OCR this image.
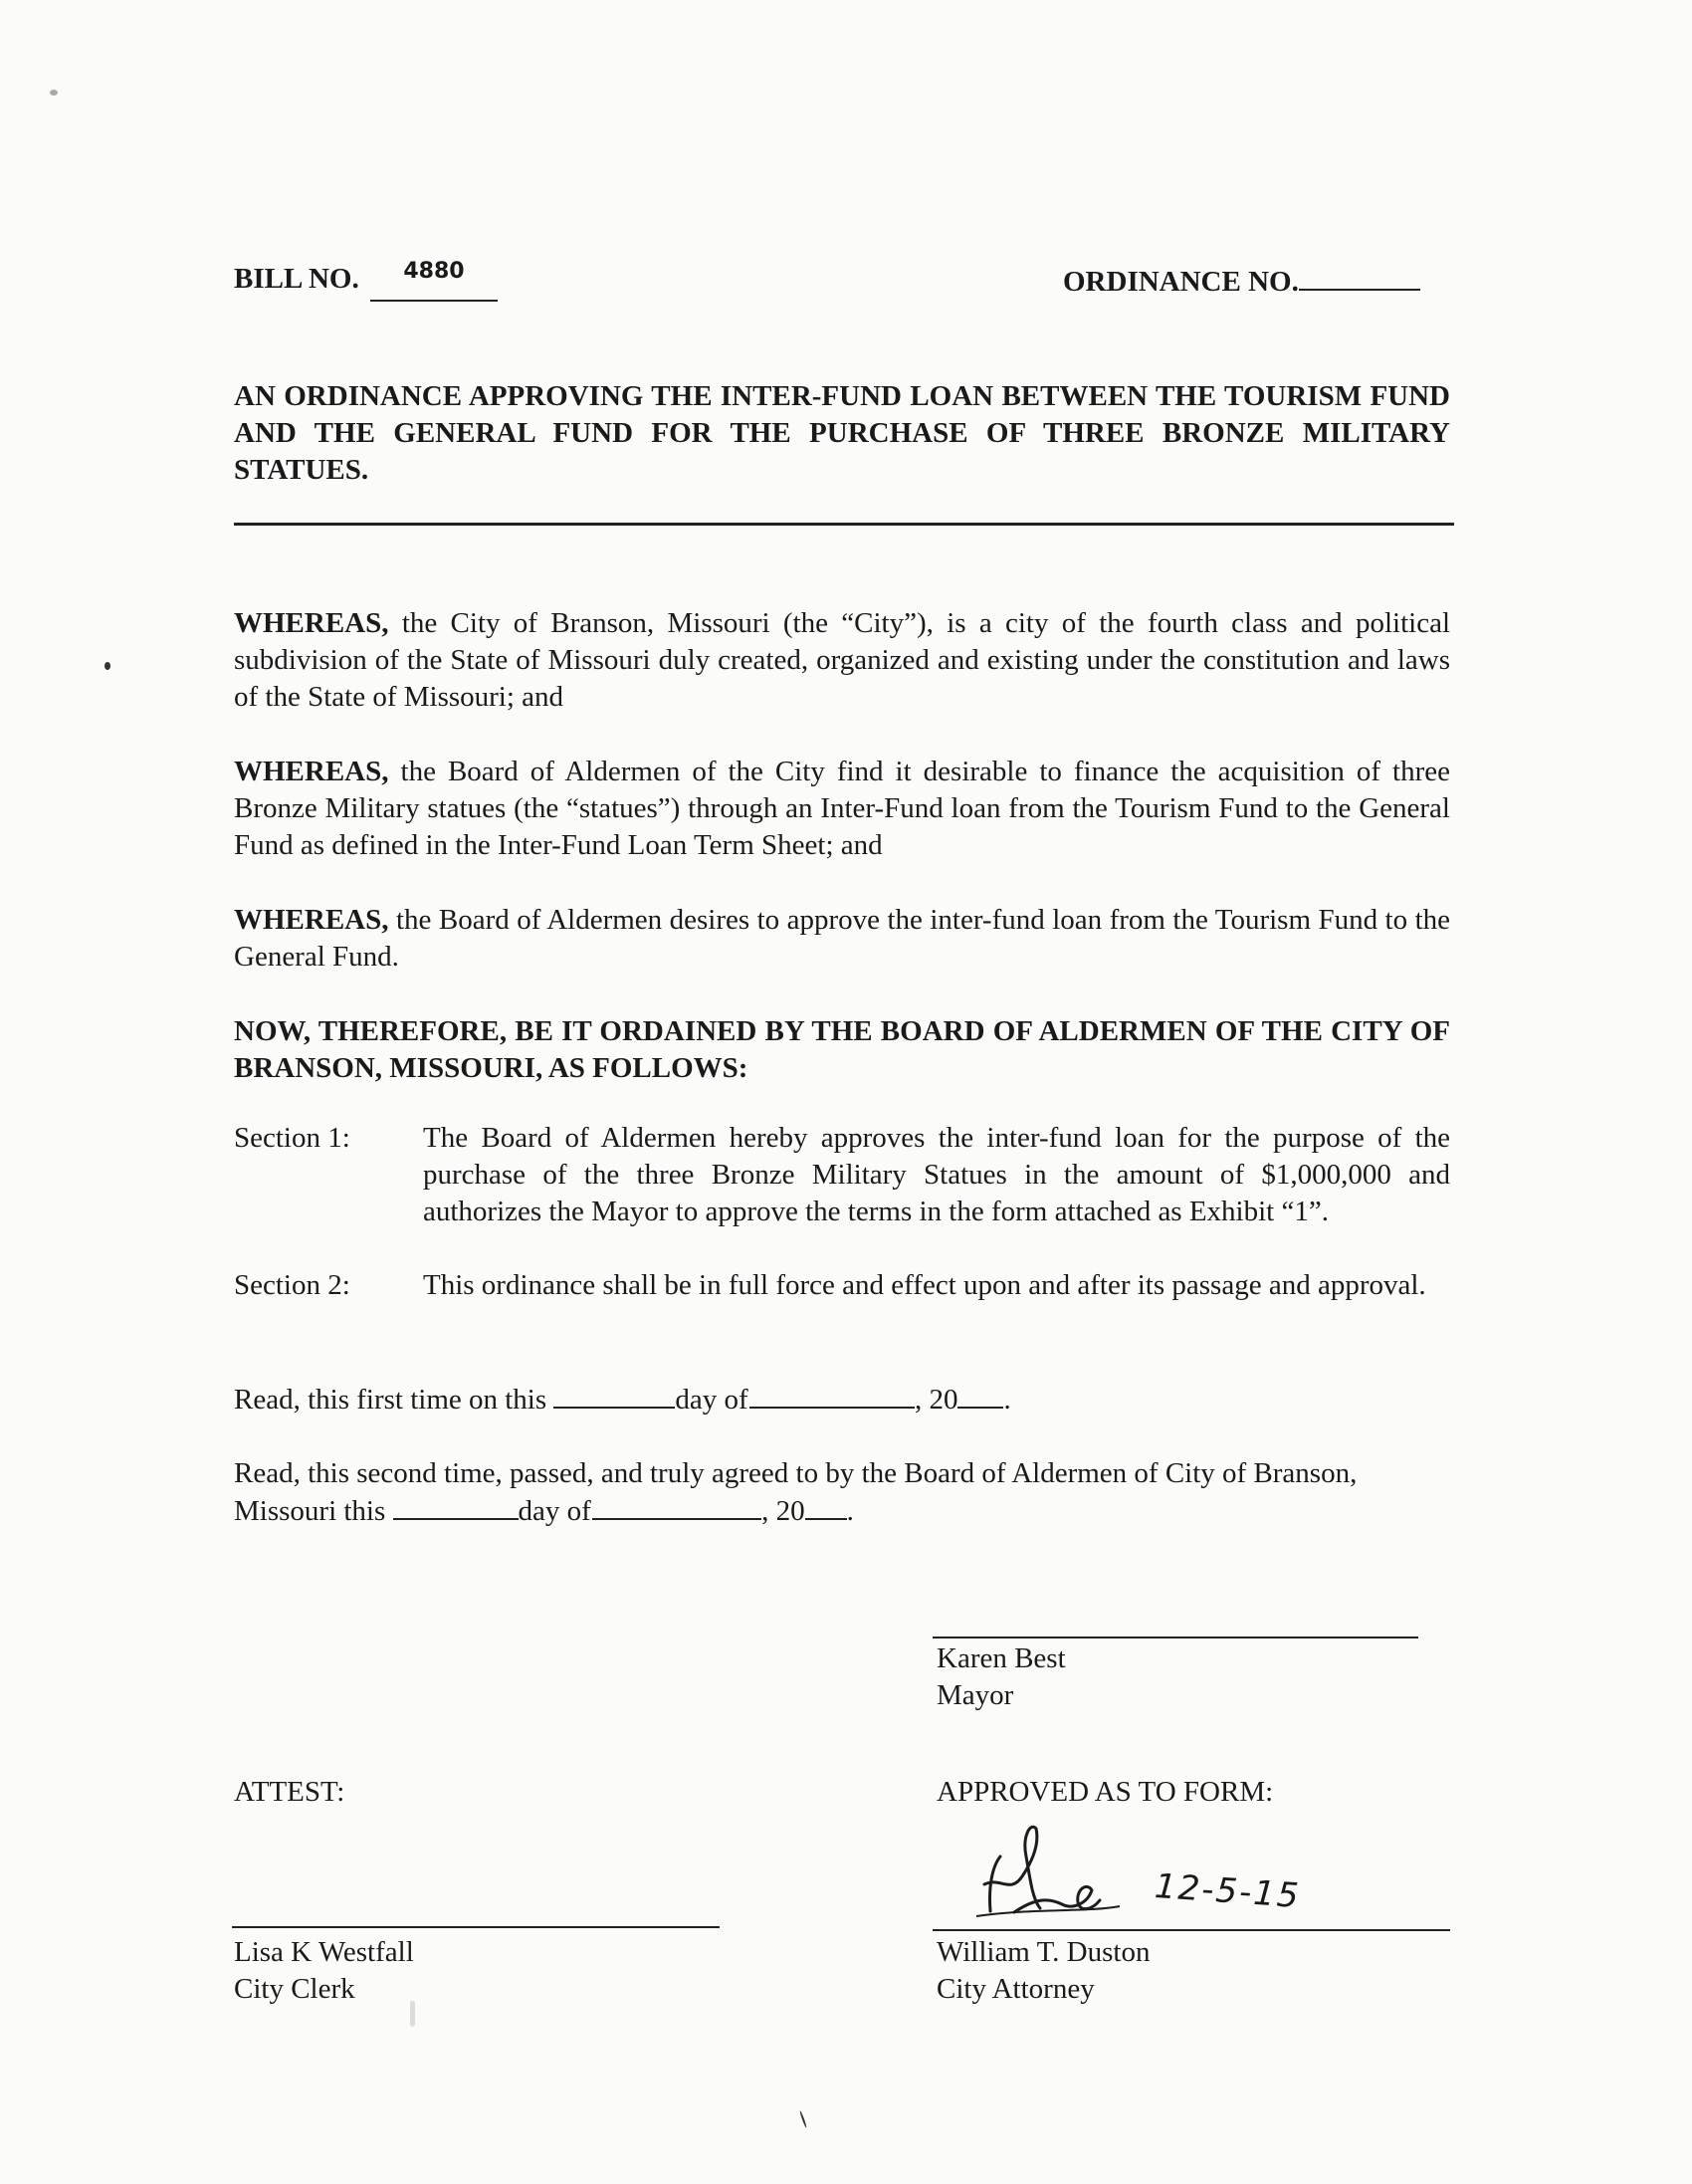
BILL NO. $^{4880}$	ORDINANCE NO.
AN ORDINANCE APPROVING THE INTER-FUND LOAN BETWEEN THE TOURISM FUND AND THE GENERAL FUND FOR THE PURCHASE OF THREE BRONZE MILITARY STATUES.
WHEREAS, the City of Branson, Missouri (the “City”), is a city of the fourth class and political subdivision of the State of Missouri duly created, organized and existing under the constitution and laws of the State of Missouri; and
WHEREAS, the Board of Aldermen of the City find it desirable to finance the acquisition of three Bronze Military statues (the “statues”) through an Inter-Fund loan from the Tourism Fund to the General Fund as defined in the Inter-Fund Loan Term Sheet; and
WHEREAS, the Board of Aldermen desires to approve the inter-fund loan from the Tourism Fund to the General Fund.
NOW, THEREFORE, BE IT ORDAINED BY THE BOARD OF ALDERMEN OF THE CITY OF BRANSON, MISSOURI, AS FOLLOWS:
Section 1:	The Board of Aldermen hereby approves the inter-fund loan for the purpose of the purchase of the three Bronze Military Statues in the amount of $1,000,000 and authorizes the Mayor to approve the terms in the form attached as Exhibit “1”.
Section 2:	This ordinance shall be in full force and effect upon and after its passage and approval.
Read, this first time on this	day of	, 20 .
Read, this second time, passed, and truly agreed to by the Board of Aldermen of City of Branson,
Missouri this	day of	, 20 .
Karen Best
Mayor
ATTEST:	APPROVED AS TO FORM:
Lisa K Westfall
City Clerk
12-5-15
William T. Duston
City Attorney
